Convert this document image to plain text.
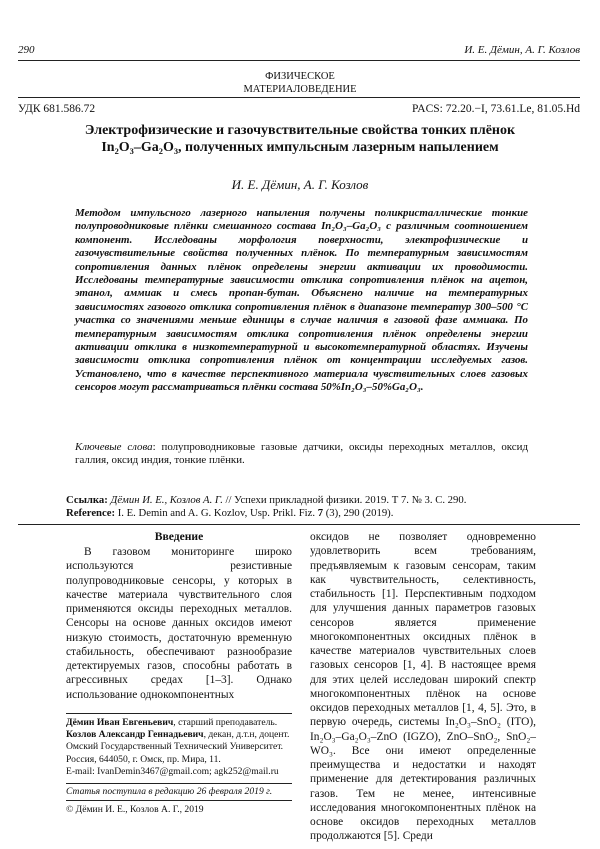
290	И. Е. Дёмин, А. Г. Козлов
ФИЗИЧЕСКОЕ
МАТЕРИАЛОВЕДЕНИЕ
УДК 681.586.72	PACS: 72.20.−I, 73.61.Le, 81.05.Hd
Электрофизические и газочувствительные свойства тонких плёнок
In₂O₃–Ga₂O₃, полученных импульсным лазерным напылением
И. Е. Дёмин, А. Г. Козлов
Методом импульсного лазерного напыления получены поликристаллические тонкие полупроводниковые плёнки смешанного состава In₂O₃–Ga₂O₃ с различным соотношением компонент. Исследованы морфология поверхности, электрофизические и газочувствительные свойства полученных плёнок. По температурным зависимостям сопротивления данных плёнок определены энергии активации их проводимости. Исследованы температурные зависимости отклика сопротивления плёнок на ацетон, этанол, аммиак и смесь пропан-бутан. Объяснено наличие на температурных зависимостях газового отклика сопротивления плёнок в диапазоне температур 300–500 °С участка со значениями меньше единицы в случае наличия в газовой фазе аммиака. По температурным зависимостям отклика сопротивления плёнок определены энергии активации отклика в низкотемпературной и высокотемпературной областях. Изучены зависимости отклика сопротивления плёнок от концентрации исследуемых газов. Установлено, что в качестве перспективного материала чувствительных слоев газовых сенсоров могут рассматриваться плёнки состава 50%In₂O₃–50%Ga₂O₃.
Ключевые слова: полупроводниковые газовые датчики, оксиды переходных металлов, оксид галлия, оксид индия, тонкие плёнки.
Ссылка: Дёмин И. Е., Козлов А. Г. // Успехи прикладной физики. 2019. Т 7. № 3. С. 290.
Reference: I. E. Demin and A. G. Kozlov, Usp. Prikl. Fiz. 7 (3), 290 (2019).
Введение

В газовом мониторинге широко используются резистивные полупроводниковые сенсоры, у которых в качестве материала чувствительного слоя применяются оксиды переходных металлов. Сенсоры на основе данных оксидов имеют низкую стоимость, достаточную временную стабильность, обеспечивают разнообразие детектируемых газов, способны работать в агрессивных средах [1–3]. Однако использование однокомпонентных

Дёмин Иван Евгеньевич, старший преподаватель.
Козлов Александр Геннадьевич, декан, д.т.н, доцент.
Омский Государственный Технический Университет.
Россия, 644050, г. Омск, пр. Мира, 11.
E-mail: IvanDemin3467@gmail.com; agk252@mail.ru
Статья поступила в редакцию 26 февраля 2019 г.
© Дёмин И. Е., Козлов А. Г., 2019

оксидов не позволяет одновременно удовлетворить всем требованиям, предъявляемым к газовым сенсорам, таким как чувствительность, селективность, стабильность [1]. Перспективным подходом для улучшения данных параметров газовых сенсоров является применение многокомпонентных оксидных плёнок в качестве материалов чувствительных слоев газовых сенсоров [1, 4]. В настоящее время для этих целей исследован широкий спектр многокомпонентных плёнок на основе оксидов переходных металлов [1, 4, 5]. Это, в первую очередь, системы In₂O₃–SnO₂ (ITO), In₂O₃–Ga₂O₃–ZnO (IGZO), ZnO–SnO₂, SnO₂–WO₃. Все они имеют определенные преимущества и недостатки и находят применение для детектирования различных газов. Тем не менее, интенсивные исследования многокомпонентных плёнок на основе оксидов переходных металлов продолжаются [5]. Среди
